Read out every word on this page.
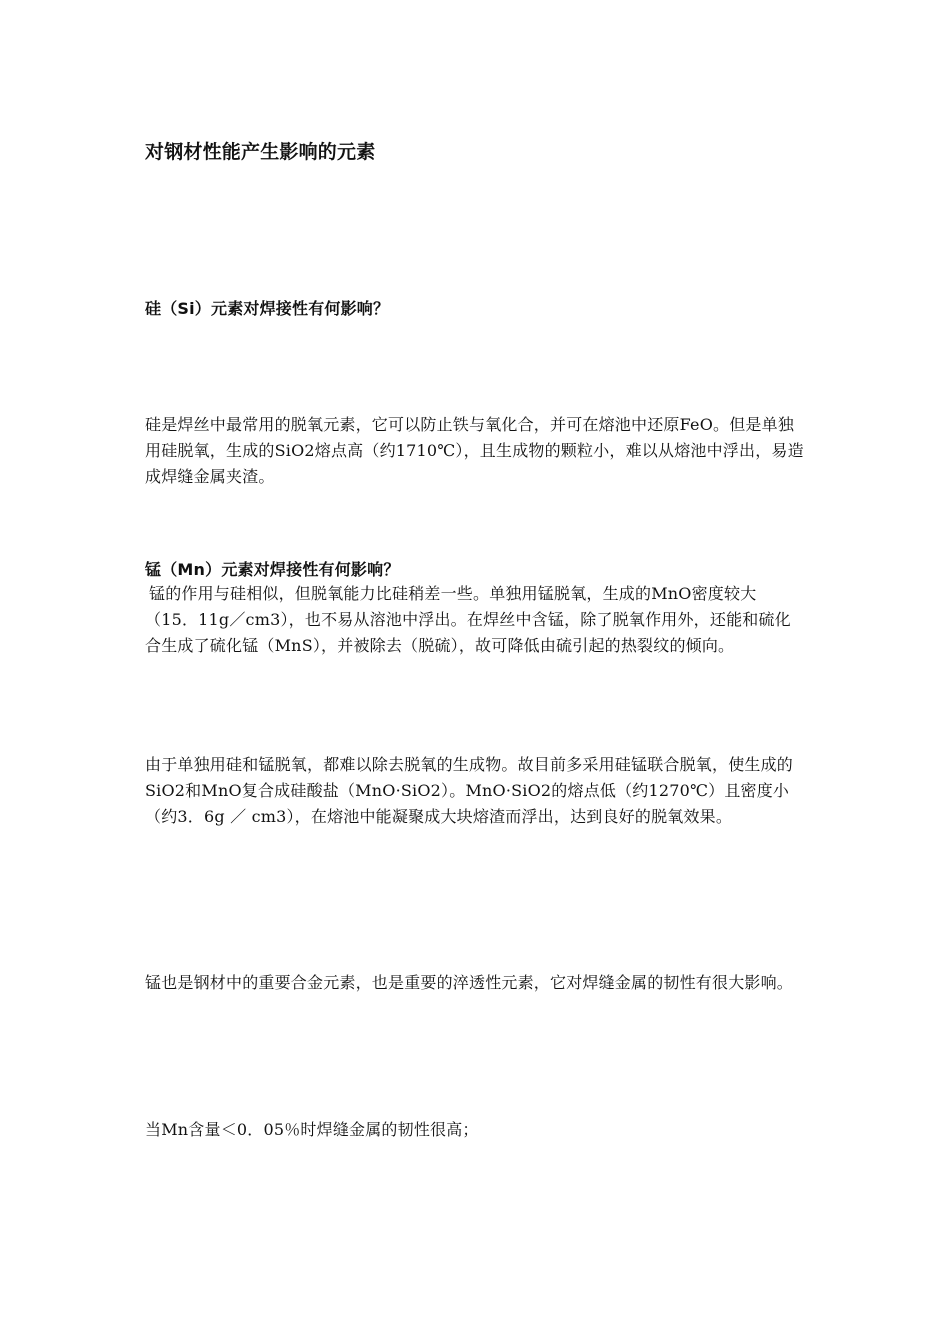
对钢材性能产生影响的元素
硅（Si）元素对焊接性有何影响？

硅是焊丝中最常用的脱氧元素，它可以防止铁与氧化合，并可在熔池中还原FeO。但是单独用硅脱氧，生成的SiO2熔点高（约1710℃），且生成物的颗粒小，难以从熔池中浮出，易造成焊缝金属夹渣。

锰（Mn）元素对焊接性有何影响？

锰的作用与硅相似，但脱氧能力比硅稍差一些。单独用锰脱氧，生成的MnO密度较大（15．11g／cm3），也不易从溶池中浮出。在焊丝中含锰，除了脱氧作用外，还能和硫化合生成了硫化锰（MnS），并被除去（脱硫），故可降低由硫引起的热裂纹的倾向。

由于单独用硅和锰脱氧，都难以除去脱氧的生成物。故目前多采用硅锰联合脱氧，使生成的SiO2和MnO复合成硅酸盐（MnO·SiO2）。MnO·SiO2的熔点低（约1270℃）且密度小（约3．6g ／ cm3），在熔池中能凝聚成大块熔渣而浮出，达到良好的脱氧效果。

锰也是钢材中的重要合金元素，也是重要的淬透性元素，它对焊缝金属的韧性有很大影响。

当Mn含量＜0．05％时焊缝金属的韧性很高；
